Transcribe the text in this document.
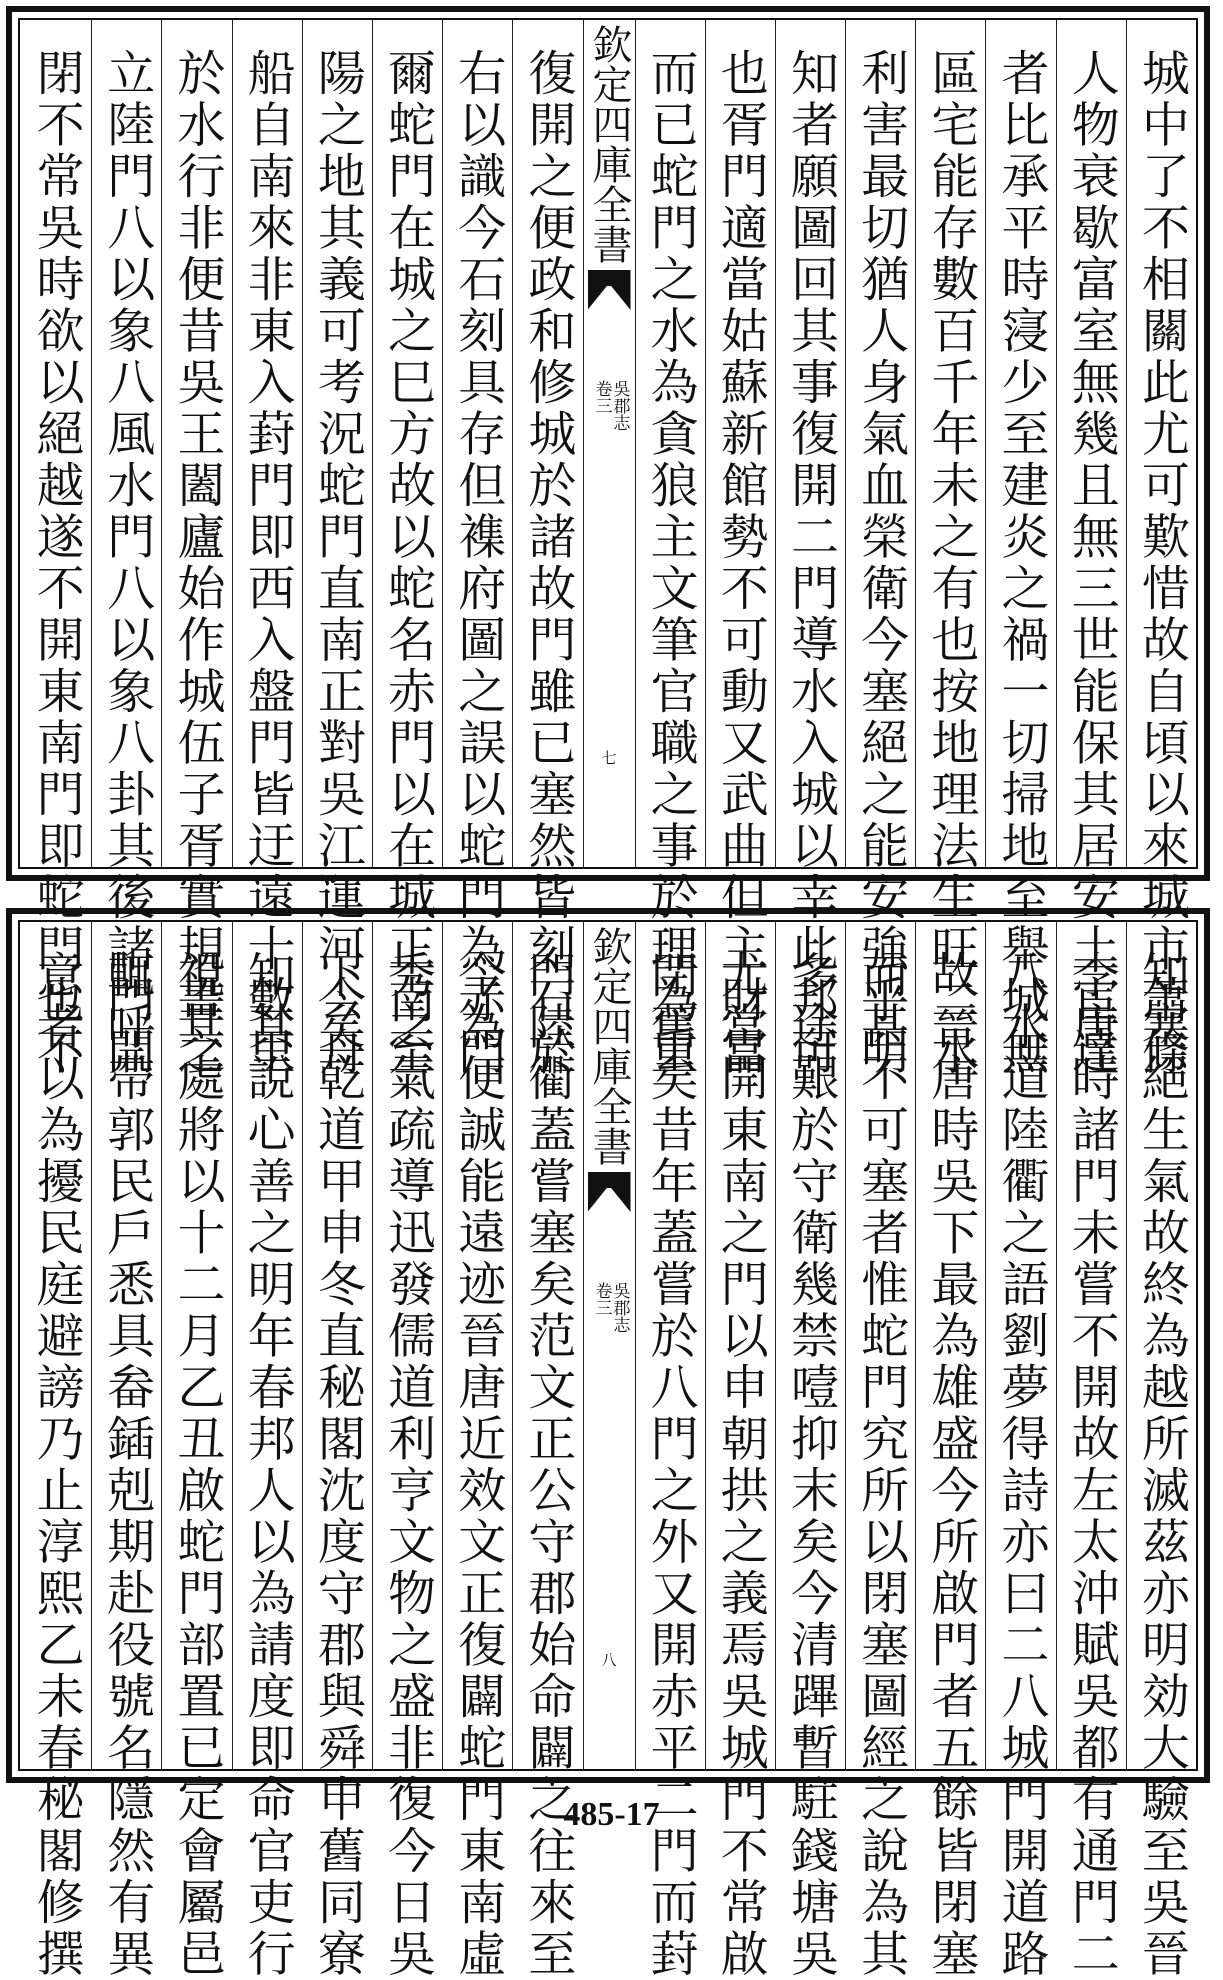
城中了不相關此尤可歎惜故自頃以來城市蕭條
人物衰歇富室無幾且無三世能保其居安土宦達
者比承平時寖少至建炎之禍一切掃地至舉城無
區宅能存數百千年未之有也按地理法生旺二水
利害最切猶人身氣血榮衛今塞絕之能安強乎明
知者願圖回其事復開二門導水入城以幸此邦可
也胥門適當姑蘇新館勢不可動又武曲但主財富
而已蛇門之水為貪狼主文筆官職之事於理為重
欽定四庫全書
吳郡志
卷三
七
復開之便政和修城於諸故門雖已塞然皆刻石於
右以識今石刻具存但襍府圖之誤以蛇門為赤門
爾蛇門在城之巳方故以蛇名赤門以在城正南至
陽之地其義可考況蛇門直南正對吳江運河今舟
船自南來非東入葑門即西入盤門皆迂遠十數里
於水行非便昔吳王闔廬始作城伍子胥實規畫之
立陸門八以象八風水門八以象八卦其後諸門開
閉不常吳時欲以絕越遂不開東南門即蛇門也不
知塞絕生氣故終為越所滅茲亦明効大驗至吳晉
李唐時諸門未嘗不開故左太沖賦吳都有通門二
八水道陸衢之語劉夢得詩亦曰二八城門開道路
故晉唐時吳下最為雄盛今所啟門者五餘皆閉塞
而甚不可塞者惟蛇門究所以閉塞圖經之說為其
多途艱於守衛幾禁噎抑末矣今清蹕暫駐錢塘吳
尤當開東南之門以申朝拱之義焉吳城門不常啟
閉舊矣昔年蓋嘗於八門之外又開赤平二門而葑
欽定四庫全書
吳郡志
卷三
八
門陸衢蓋嘗塞矣范文正公守郡始命闢之往來至
今為便誠能遠迹晉唐近效文正復闢蛇門東南虛
秀之氣疏導迅發儒道利亨文物之盛非復今日吳
下矣乾道甲申冬直秘閣沈度守郡與舜申舊同寮
知其說心善之明年春邦人以為請度即命官吏行
視其處將以十二月乙丑啟蛇門部置已定會屬邑
輒呼帶郭民戶悉具畚鍤剋期赴役號名隱然有異
意者以為擾民庭避謗乃止淳熙乙未春秘閣修撰	485-17
